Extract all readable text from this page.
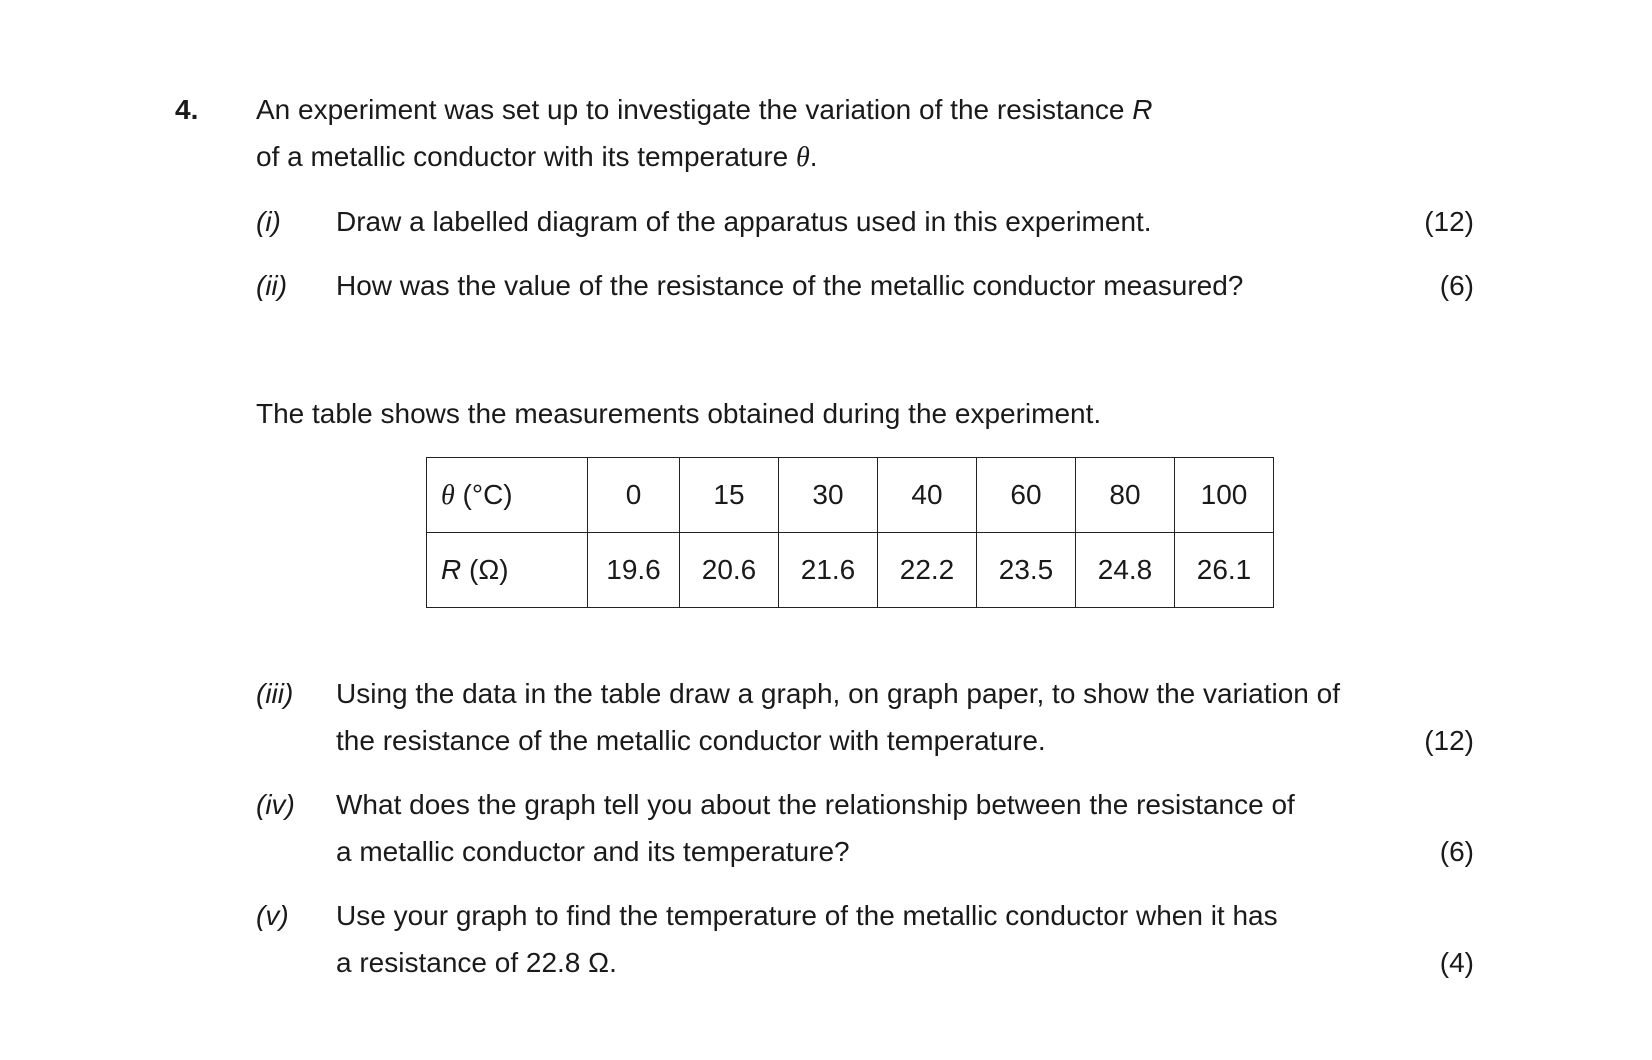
4. An experiment was set up to investigate the variation of the resistance R
of a metallic conductor with its temperature θ.
(i) Draw a labelled diagram of the apparatus used in this experiment.	(12)
(ii) How was the value of the resistance of the metallic conductor measured?	(6)
The table shows the measurements obtained during the experiment.
θ (°C)	0	15	30	40	60	80	100
R (Ω)	19.6	20.6	21.6	22.2	23.5	24.8	26.1
(iii) Using the data in the table draw a graph, on graph paper, to show the variation of
the resistance of the metallic conductor with temperature.	(12)
(iv) What does the graph tell you about the relationship between the resistance of
a metallic conductor and its temperature?	(6)
(v) Use your graph to find the temperature of the metallic conductor when it has
a resistance of 22.8 Ω.	(4)
